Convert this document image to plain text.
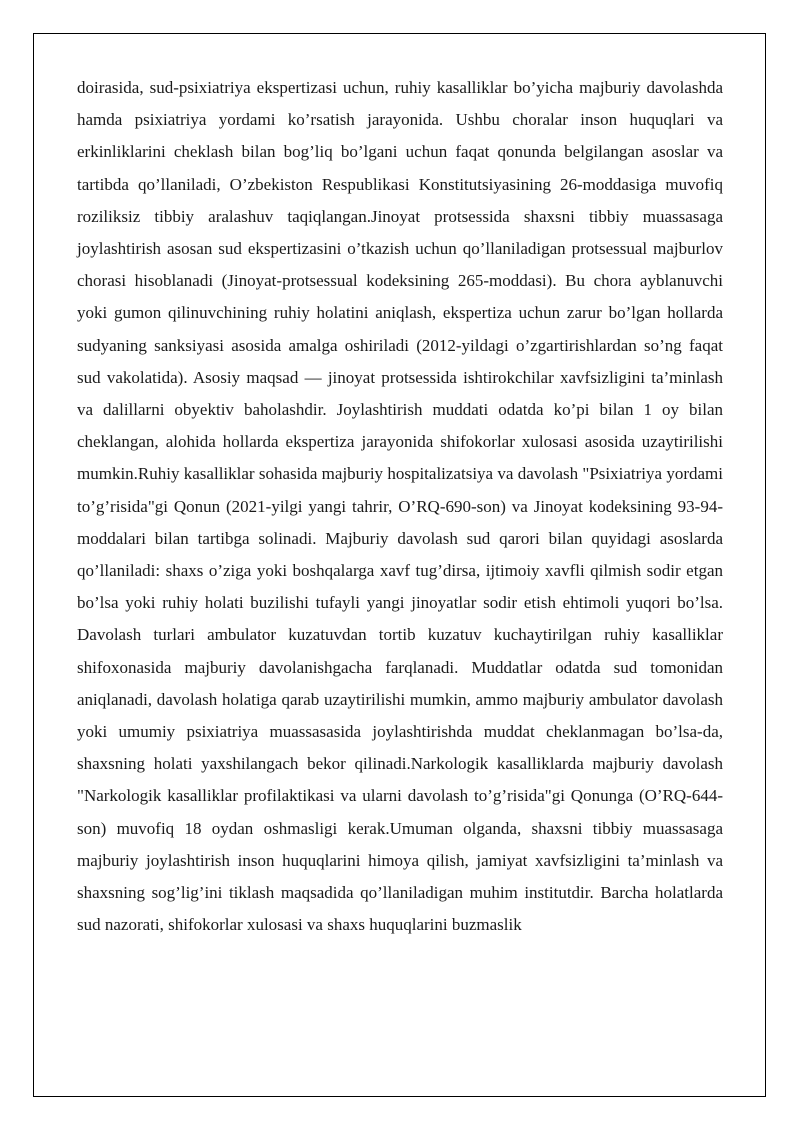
doirasida, sud-psixiatriya ekspertizasi uchun, ruhiy kasalliklar bo’yicha majburiy davolashda hamda psixiatriya yordami ko’rsatish jarayonida. Ushbu choralar inson huquqlari va erkinliklarini cheklash bilan bog’liq bo’lgani uchun faqat qonunda belgilangan asoslar va tartibda qo’llaniladi, O’zbekiston Respublikasi Konstitutsiyasining 26-moddasiga muvofiq roziliksiz tibbiy aralashuv taqiqlangan.Jinoyat protsessida shaxsni tibbiy muassasaga joylashtirish asosan sud ekspertizasini o’tkazish uchun qo’llaniladigan protsessual majburlov chorasi hisoblanadi (Jinoyat-protsessual kodeksining 265-moddasi). Bu chora ayblanuvchi yoki gumon qilinuvchining ruhiy holatini aniqlash, ekspertiza uchun zarur bo’lgan hollarda sudyaning sanksiyasi asosida amalga oshiriladi (2012-yildagi o’zgartirishlardan so’ng faqat sud vakolatida). Asosiy maqsad — jinoyat protsessida ishtirokchilar xavfsizligini ta’minlash va dalillarni obyektiv baholashdir. Joylashtirish muddati odatda ko’pi bilan 1 oy bilan cheklangan, alohida hollarda ekspertiza jarayonida shifokorlar xulosasi asosida uzaytirilishi mumkin.Ruhiy kasalliklar sohasida majburiy hospitalizatsiya va davolash "Psixiatriya yordami to’g’risida"gi Qonun (2021-yilgi yangi tahrir, O’RQ-690-son) va Jinoyat kodeksining 93-94-moddalari bilan tartibga solinadi. Majburiy davolash sud qarori bilan quyidagi asoslarda qo’llaniladi: shaxs o’ziga yoki boshqalarga xavf tug’dirsa, ijtimoiy xavfli qilmish sodir etgan bo’lsa yoki ruhiy holati buzilishi tufayli yangi jinoyatlar sodir etish ehtimoli yuqori bo’lsa. Davolash turlari ambulator kuzatuvdan tortib kuzatuv kuchaytirilgan ruhiy kasalliklar shifoxonasida majburiy davolanishgacha farqlanadi. Muddatlar odatda sud tomonidan aniqlanadi, davolash holatiga qarab uzaytirilishi mumkin, ammo majburiy ambulator davolash yoki umumiy psixiatriya muassasasida joylashtirishda muddat cheklanmagan bo’lsa-da, shaxsning holati yaxshilangach bekor qilinadi.Narkologik kasalliklarda majburiy davolash "Narkologik kasalliklar profilaktikasi va ularni davolash to’g’risida"gi Qonunga (O’RQ-644-son) muvofiq 18 oydan oshmasligi kerak.Umuman olganda, shaxsni tibbiy muassasaga majburiy joylashtirish inson huquqlarini himoya qilish, jamiyat xavfsizligini ta’minlash va shaxsning sog’lig’ini tiklash maqsadida qo’llaniladigan muhim institutdir. Barcha holatlarda sud nazorati, shifokorlar xulosasi va shaxs huquqlarini buzmaslik
